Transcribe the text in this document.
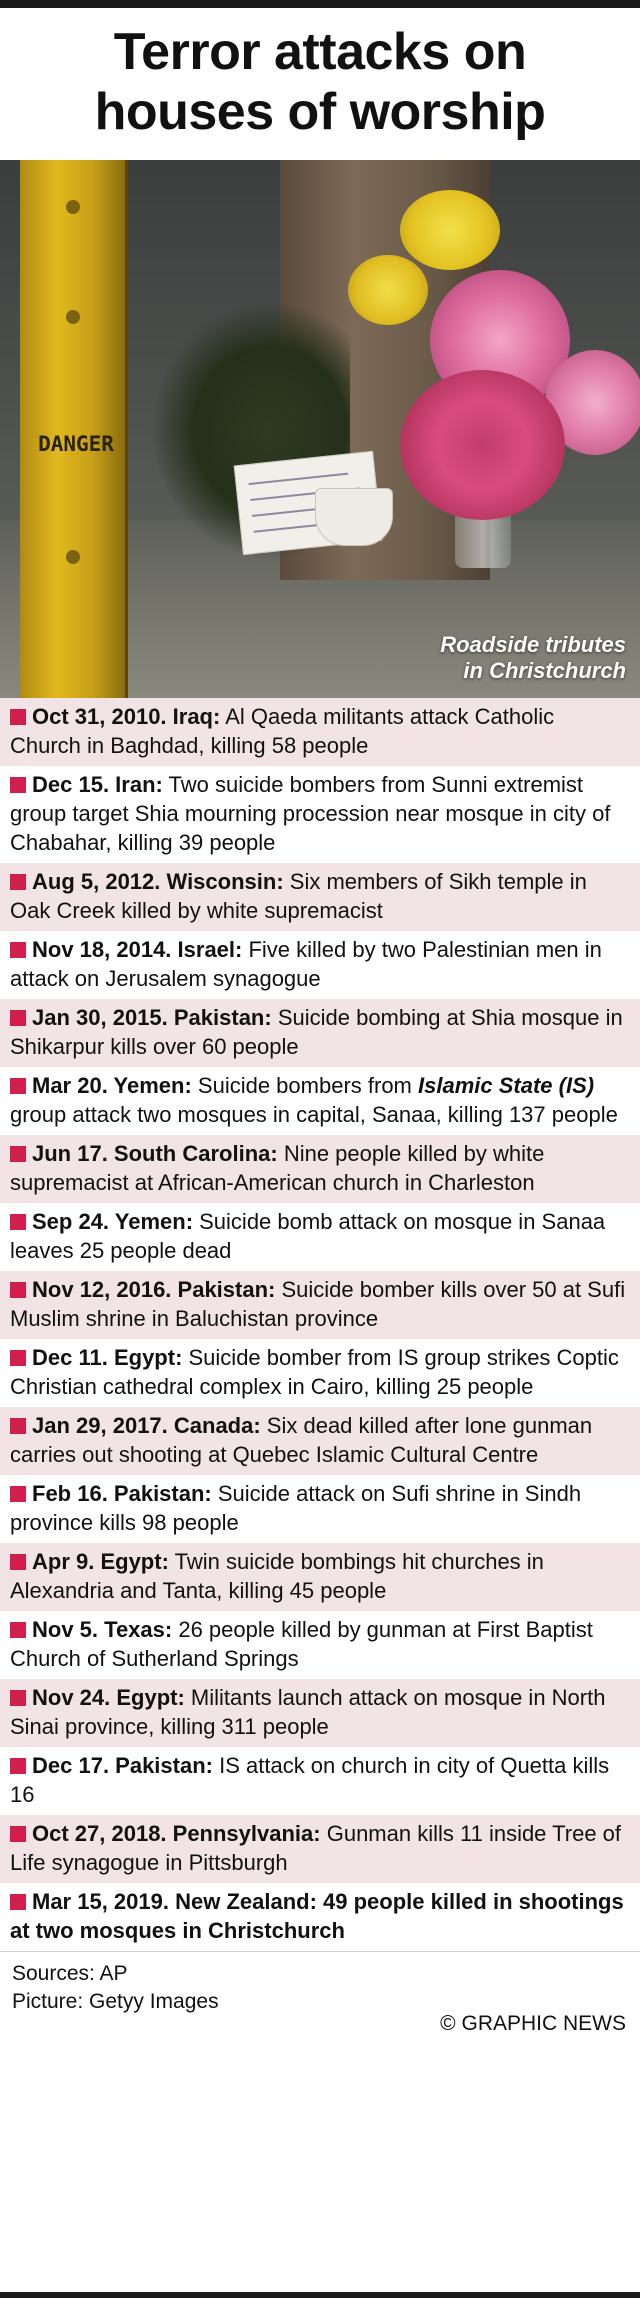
Terror attacks on
houses of worship
DANGER
Roadside tributes
in Christchurch
Oct 31, 2010. Iraq: Al Qaeda militants attack Catholic Church in Baghdad, killing 58 people
Dec 15. Iran: Two suicide bombers from Sunni extremist group target Shia mourning procession near mosque in city of Chabahar, killing 39 people
Aug 5, 2012. Wisconsin: Six members of Sikh temple in Oak Creek killed by white supremacist
Nov 18, 2014. Israel: Five killed by two Palestinian men in attack on Jerusalem synagogue
Jan 30, 2015. Pakistan: Suicide bombing at Shia mosque in Shikarpur kills over 60 people
Mar 20. Yemen: Suicide bombers from Islamic State (IS) group attack two mosques in capital, Sanaa, killing 137 people
Jun 17. South Carolina: Nine people killed by white supremacist at African-American church in Charleston
Sep 24. Yemen: Suicide bomb attack on mosque in Sanaa leaves 25 people dead
Nov 12, 2016. Pakistan: Suicide bomber kills over 50 at Sufi Muslim shrine in Baluchistan province
Dec 11. Egypt: Suicide bomber from IS group strikes Coptic Christian cathedral complex in Cairo, killing 25 people
Jan 29, 2017. Canada: Six dead killed after lone gunman carries out shooting at Quebec Islamic Cultural Centre
Feb 16. Pakistan: Suicide attack on Sufi shrine in Sindh province kills 98 people
Apr 9. Egypt: Twin suicide bombings hit churches in Alexandria and Tanta, killing 45 people
Nov 5. Texas: 26 people killed by gunman at First Baptist Church of Sutherland Springs
Nov 24. Egypt: Militants launch attack on mosque in North Sinai province, killing 311 people
Dec 17. Pakistan: IS attack on church in city of Quetta kills 16
Oct 27, 2018. Pennsylvania: Gunman kills 11 inside Tree of Life synagogue in Pittsburgh
Mar 15, 2019. New Zealand: 49 people killed in shootings at two mosques in Christchurch
Sources: AP
Picture: Getyy Images
© GRAPHIC NEWS
